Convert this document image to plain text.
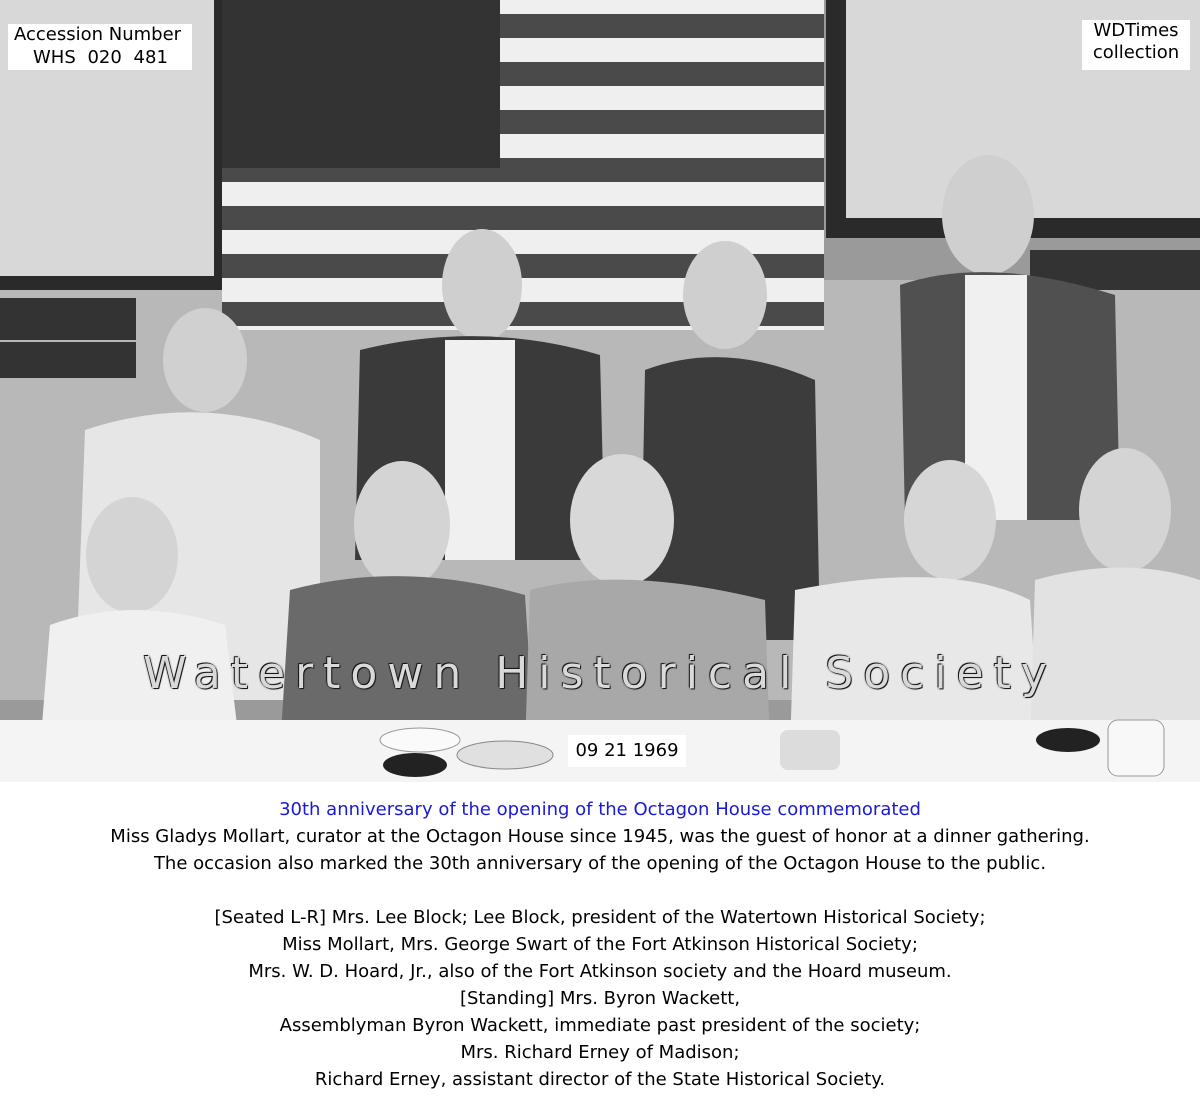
Accession Number
WHS 020 481
WDTimes
collection
Watertown Historical Society
09 21 1969
30th anniversary of the opening of the Octagon House commemorated
Miss Gladys Mollart, curator at the Octagon House since 1945, was the guest of honor at a dinner gathering.
The occasion also marked the 30th anniversary of the opening of the Octagon House to the public.
[Seated L-R] Mrs. Lee Block; Lee Block, president of the Watertown Historical Society;
Miss Mollart, Mrs. George Swart of the Fort Atkinson Historical Society;
Mrs. W. D. Hoard, Jr., also of the Fort Atkinson society and the Hoard museum.
[Standing] Mrs. Byron Wackett,
Assemblyman Byron Wackett, immediate past president of the society;
Mrs. Richard Erney of Madison;
Richard Erney, assistant director of the State Historical Society.
